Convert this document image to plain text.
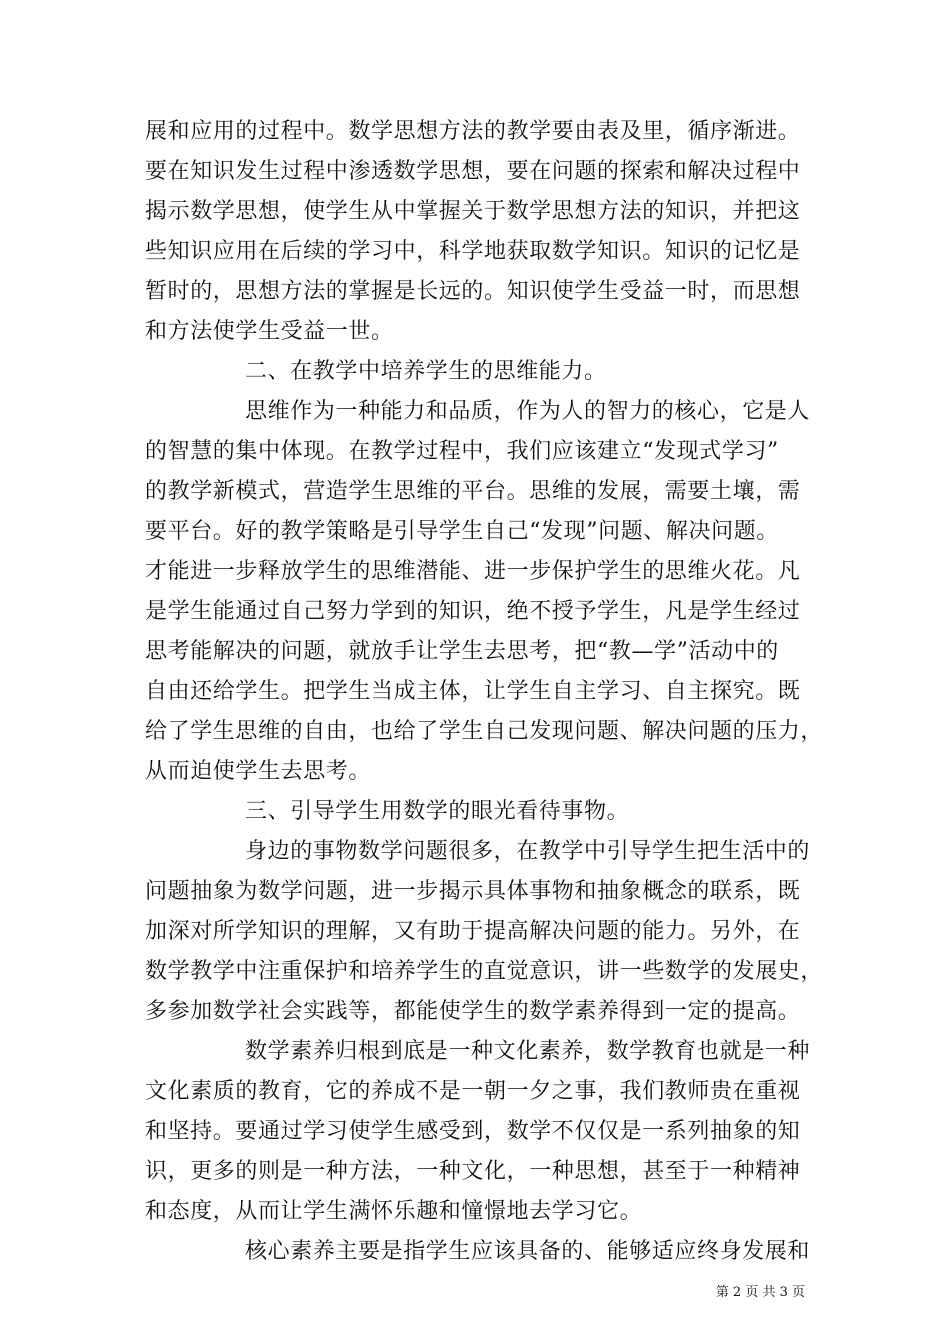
展和应用的过程中。数学思想方法的教学要由表及里，循序渐进。
要在知识发生过程中渗透数学思想，要在问题的探索和解决过程中
揭示数学思想，使学生从中掌握关于数学思想方法的知识，并把这
些知识应用在后续的学习中，科学地获取数学知识。知识的记忆是
暂时的，思想方法的掌握是长远的。知识使学生受益一时，而思想
和方法使学生受益一世。
二、在教学中培养学生的思维能力。
思维作为一种能力和品质，作为人的智力的核心，它是人
的智慧的集中体现。在教学过程中，我们应该建立“发现式学习”
的教学新模式，营造学生思维的平台。思维的发展，需要土壤，需
要平台。好的教学策略是引导学生自己“发现”问题、解决问题。
才能进一步释放学生的思维潜能、进一步保护学生的思维火花。凡
是学生能通过自己努力学到的知识，绝不授予学生，凡是学生经过
思考能解决的问题，就放手让学生去思考，把“教—学”活动中的
自由还给学生。把学生当成主体，让学生自主学习、自主探究。既
给了学生思维的自由，也给了学生自己发现问题、解决问题的压力，
从而迫使学生去思考。
三、引导学生用数学的眼光看待事物。
身边的事物数学问题很多，在教学中引导学生把生活中的
问题抽象为数学问题，进一步揭示具体事物和抽象概念的联系，既
加深对所学知识的理解，又有助于提高解决问题的能力。另外，在
数学教学中注重保护和培养学生的直觉意识，讲一些数学的发展史，
多参加数学社会实践等，都能使学生的数学素养得到一定的提高。
数学素养归根到底是一种文化素养，数学教育也就是一种
文化素质的教育，它的养成不是一朝一夕之事，我们教师贵在重视
和坚持。要通过学习使学生感受到，数学不仅仅是一系列抽象的知
识，更多的则是一种方法，一种文化，一种思想，甚至于一种精神
和态度，从而让学生满怀乐趣和憧憬地去学习它。
核心素养主要是指学生应该具备的、能够适应终身发展和
第 2 页 共 3 页
